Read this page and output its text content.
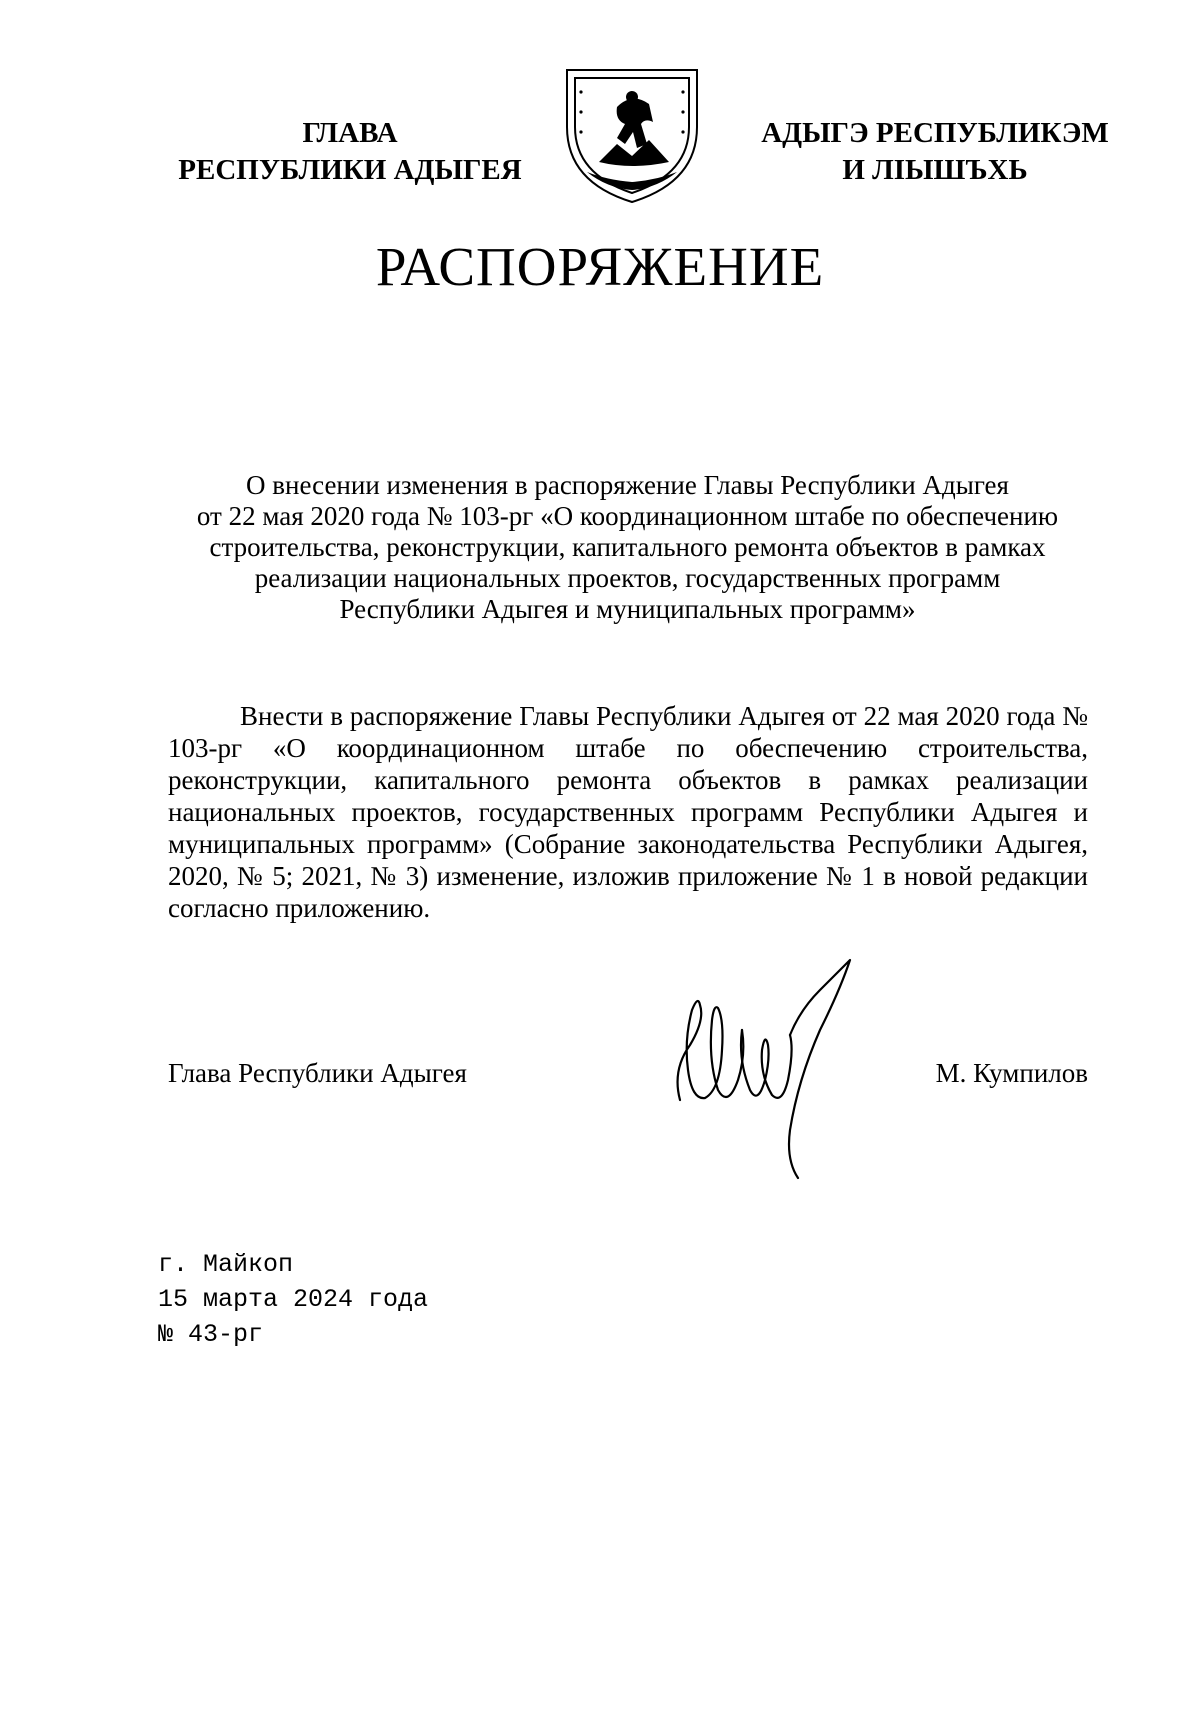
ГЛАВА
РЕСПУБЛИКИ АДЫГЕЯ
АДЫГЭ РЕСПУБЛИКЭМ
И ЛIЫШЪХЬ
РАСПОРЯЖЕНИЕ
О внесении изменения в распоряжение Главы Республики Адыгея
от 22 мая 2020 года № 103-рг «О координационном штабе по обеспечению
строительства, реконструкции, капитального ремонта объектов в рамках
реализации национальных проектов, государственных программ
Республики Адыгея и муниципальных программ»
Внести в распоряжение Главы Республики Адыгея от 22 мая 2020 года № 103-рг «О координационном штабе по обеспечению строительства, реконструкции, капитального ремонта объектов в рамках реализации национальных проектов, государственных программ Республики Адыгея и муниципальных программ» (Собрание законодательства Республики Адыгея, 2020, № 5; 2021, № 3) изменение, изложив приложение № 1 в новой редакции согласно приложению.
Глава Республики Адыгея	М. Кумпилов
г. Майкоп
15 марта 2024 года
№ 43-рг
